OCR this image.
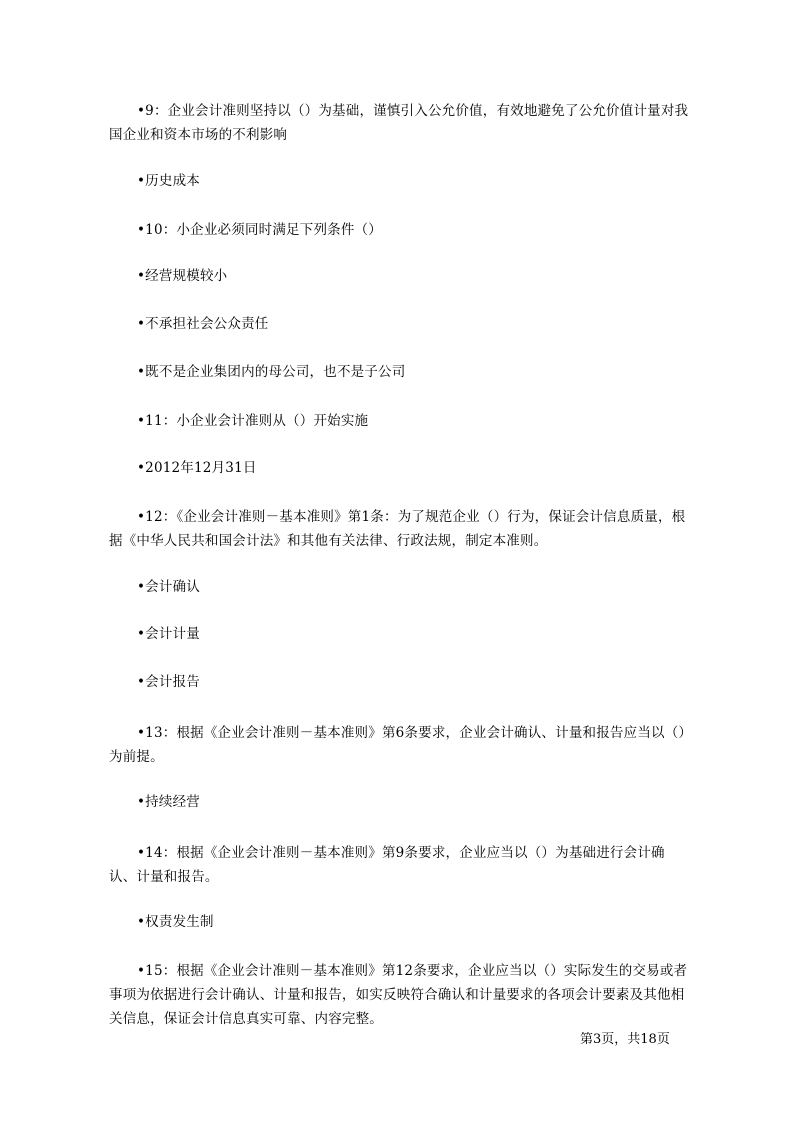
•9：企业会计准则坚持以（）为基础，谨慎引入公允价值，有效地避免了公允价值计量对我国企业和资本市场的不利影响

•历史成本

•10：小企业必须同时满足下列条件（）

•经营规模较小

•不承担社会公众责任

•既不是企业集团内的母公司，也不是子公司

•11：小企业会计准则从（）开始实施

•2012年12月31日

•12：《企业会计准则－基本准则》第1条：为了规范企业（）行为，保证会计信息质量，根据《中华人民共和国会计法》和其他有关法律、行政法规，制定本准则。

•会计确认

•会计计量

•会计报告

•13：根据《企业会计准则－基本准则》第6条要求，企业会计确认、计量和报告应当以（）为前提。

•持续经营

•14：根据《企业会计准则－基本准则》第9条要求，企业应当以（）为基础进行会计确认、计量和报告。

•权责发生制

•15：根据《企业会计准则－基本准则》第12条要求，企业应当以（）实际发生的交易或者事项为依据进行会计确认、计量和报告，如实反映符合确认和计量要求的各项会计要素及其他相关信息，保证会计信息真实可靠、内容完整。

第3页，共18页
